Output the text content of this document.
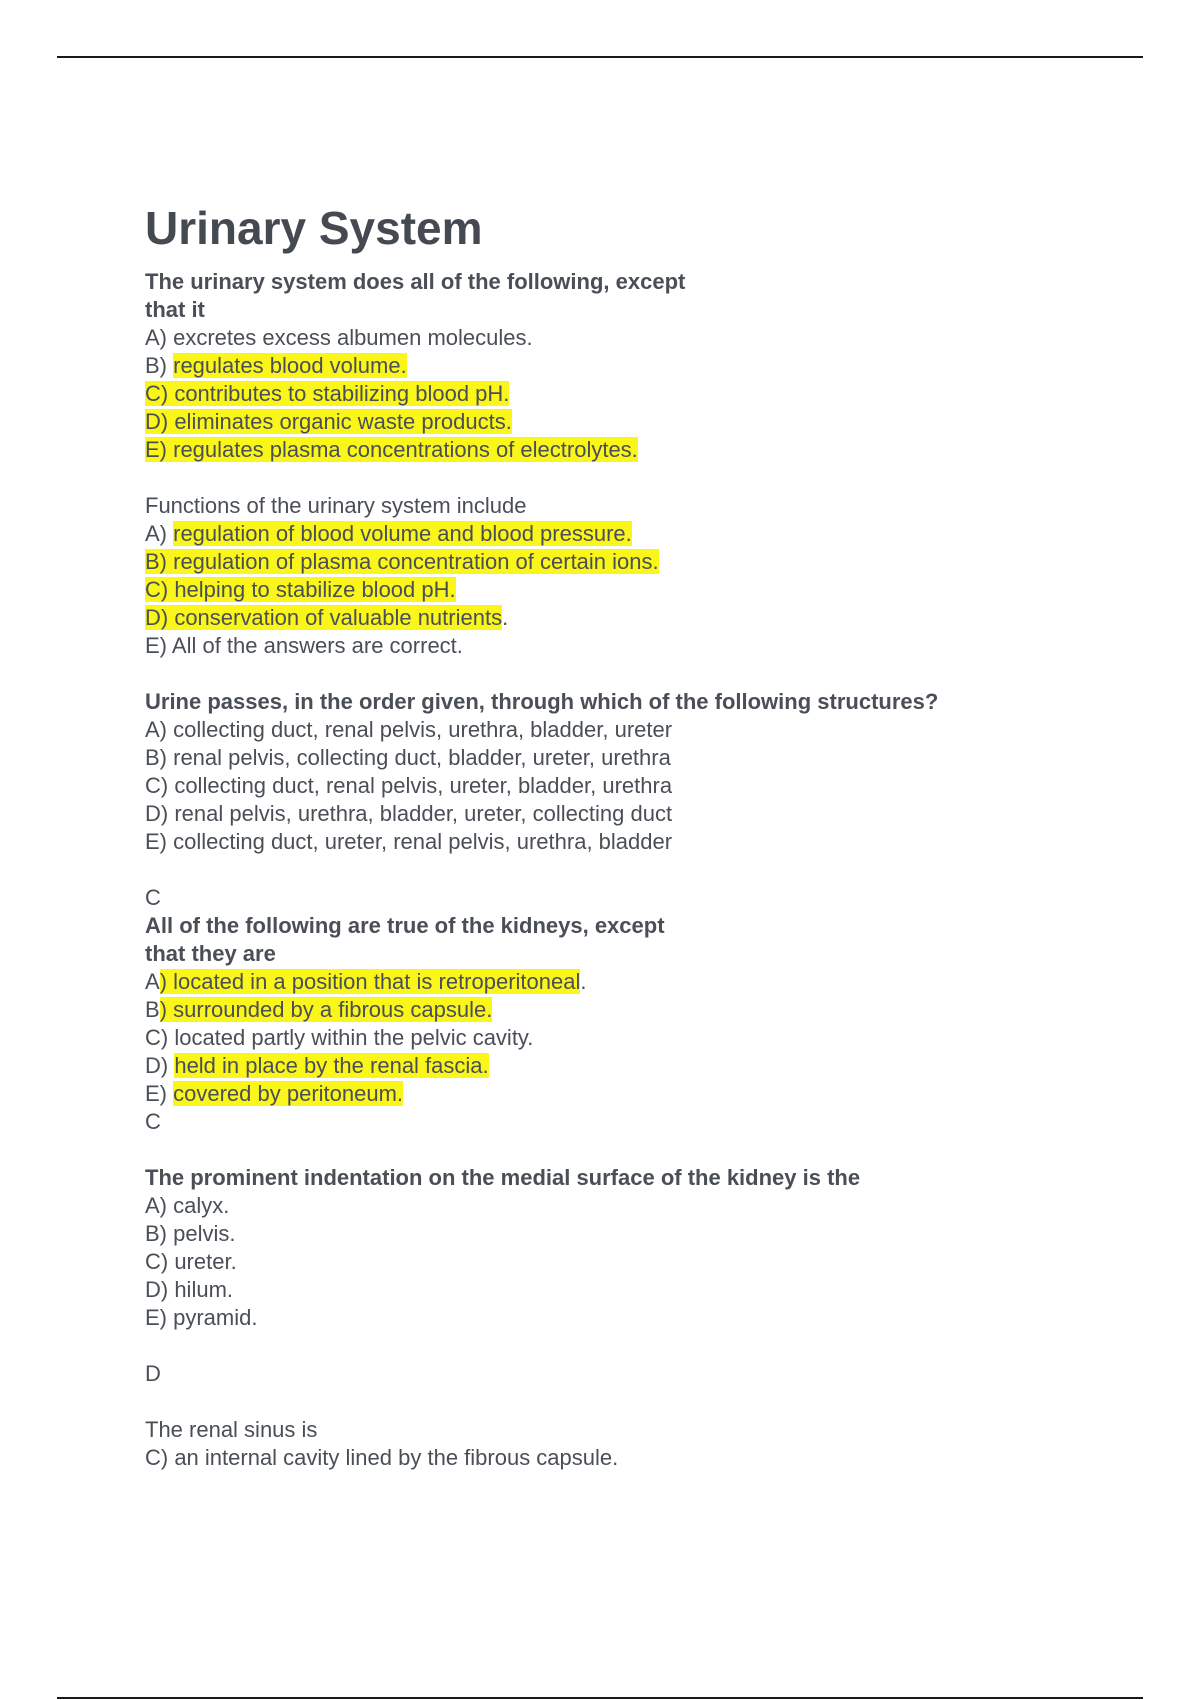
Urinary System

The urinary system does all of the following, except

that it

A) excretes excess albumen molecules.

B) regulates blood volume.

C) contributes to stabilizing blood pH.

D) eliminates organic waste products.

E) regulates plasma concentrations of electrolytes.

Functions of the urinary system include

A) regulation of blood volume and blood pressure.

B) regulation of plasma concentration of certain ions.

C) helping to stabilize blood pH.

D) conservation of valuable nutrients.

E) All of the answers are correct.

Urine passes, in the order given, through which of the following structures?

A) collecting duct, renal pelvis, urethra, bladder, ureter

B) renal pelvis, collecting duct, bladder, ureter, urethra

C) collecting duct, renal pelvis, ureter, bladder, urethra

D) renal pelvis, urethra, bladder, ureter, collecting duct

E) collecting duct, ureter, renal pelvis, urethra, bladder

C

All of the following are true of the kidneys, except

that they are

A) located in a position that is retroperitoneal.

B) surrounded by a fibrous capsule.

C) located partly within the pelvic cavity.

D) held in place by the renal fascia.

E) covered by peritoneum.

C

The prominent indentation on the medial surface of the kidney is the

A) calyx.

B) pelvis.

C) ureter.

D) hilum.

E) pyramid.

D

The renal sinus is

C) an internal cavity lined by the fibrous capsule.
